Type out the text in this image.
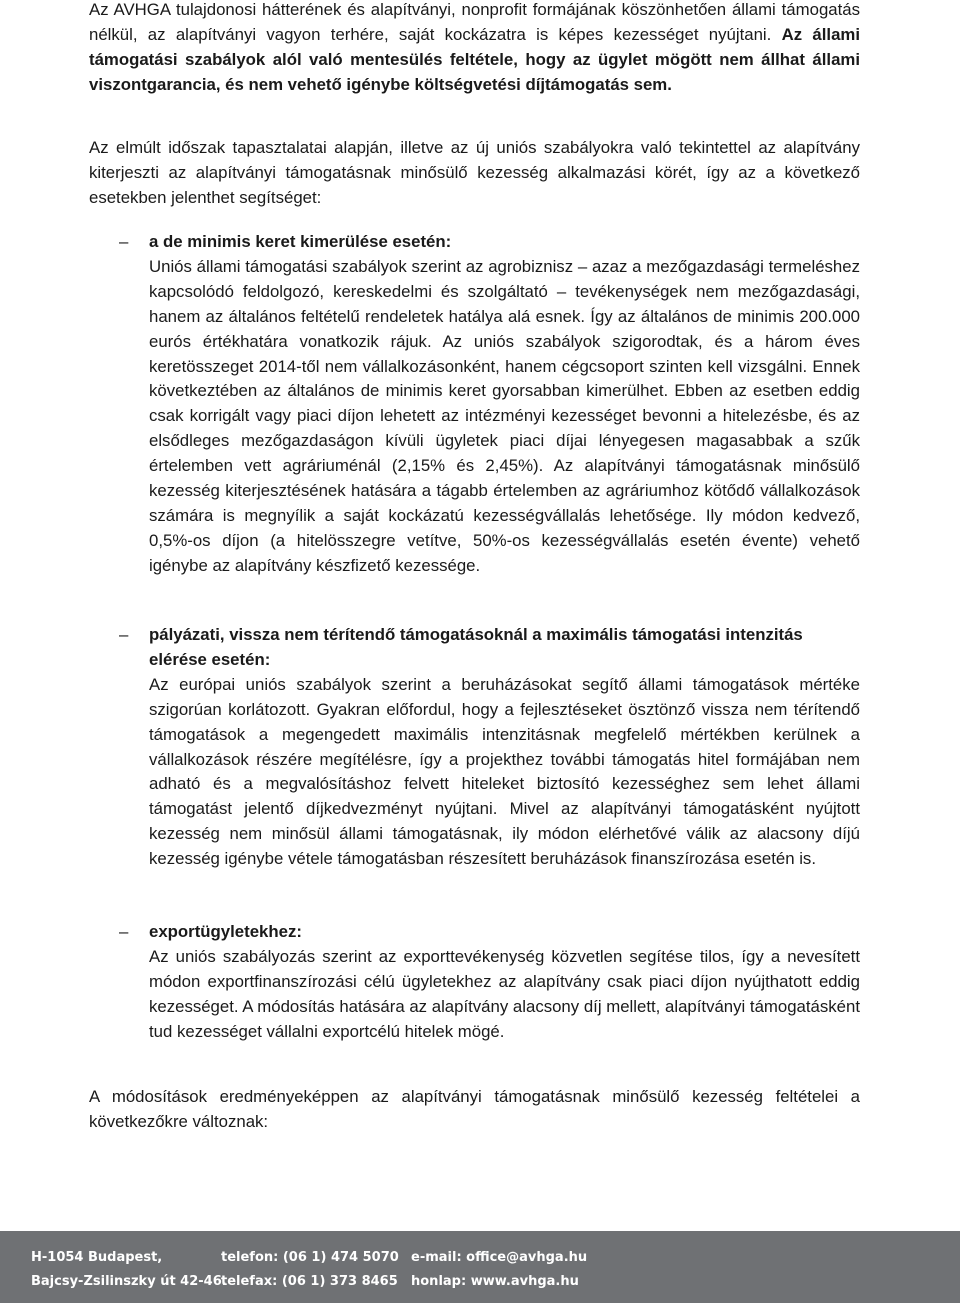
Az AVHGA tulajdonosi hátterének és alapítványi, nonprofit formájának köszönhetően állami támogatás nélkül, az alapítványi vagyon terhére, saját kockázatra is képes kezességet nyújtani. Az állami támogatási szabályok alól való mentesülés feltétele, hogy az ügylet mögött nem állhat állami viszontgarancia, és nem vehető igénybe költségvetési díjtámogatás sem.

Az elmúlt időszak tapasztalatai alapján, illetve az új uniós szabályokra való tekintettel az alapítvány kiterjeszti az alapítványi támogatásnak minősülő kezesség alkalmazási körét, így az a következő esetekben jelenthet segítséget:

– a de minimis keret kimerülése esetén:
Uniós állami támogatási szabályok szerint az agrobiznisz – azaz a mezőgazdasági termeléshez kapcsolódó feldolgozó, kereskedelmi és szolgáltató – tevékenységek nem mezőgazdasági, hanem az általános feltételű rendeletek hatálya alá esnek. Így az általános de minimis 200.000 eurós értékhatára vonatkozik rájuk. Az uniós szabályok szigorodtak, és a három éves keretösszeget 2014-től nem vállalkozásonként, hanem cégcsoport szinten kell vizsgálni. Ennek következtében az általános de minimis keret gyorsabban kimerülhet. Ebben az esetben eddig csak korrigált vagy piaci díjon lehetett az intézményi kezességet bevonni a hitelezésbe, és az elsődleges mezőgazdaságon kívüli ügyletek piaci díjai lényegesen magasabbak a szűk értelemben vett agráriuménál (2,15% és 2,45%). Az alapítványi támogatásnak minősülő kezesség kiterjesztésének hatására a tágabb értelemben az agráriumhoz kötődő vállalkozások számára is megnyílik a saját kockázatú kezességvállalás lehetősége. Ily módon kedvező, 0,5%-os díjon (a hitelösszegre vetítve, 50%-os kezességvállalás esetén évente) vehető igénybe az alapítvány készfizető kezessége.

– pályázati, vissza nem térítendő támogatásoknál a maximális támogatási intenzitás elérése esetén:
Az európai uniós szabályok szerint a beruházásokat segítő állami támogatások mértéke szigorúan korlátozott. Gyakran előfordul, hogy a fejlesztéseket ösztönző vissza nem térítendő támogatások a megengedett maximális intenzitásnak megfelelő mértékben kerülnek a vállalkozások részére megítélésre, így a projekthez további támogatás hitel formájában nem adható és a megvalósításhoz felvett hiteleket biztosító kezességhez sem lehet állami támogatást jelentő díjkedvezményt nyújtani. Mivel az alapítványi támogatásként nyújtott kezesség nem minősül állami támogatásnak, ily módon elérhetővé válik az alacsony díjú kezesség igénybe vétele támogatásban részesített beruházások finanszírozása esetén is.

– exportügyletekhez:
Az uniós szabályozás szerint az exporttevékenység közvetlen segítése tilos, így a nevesített módon exportfinanszírozási célú ügyletekhez az alapítvány csak piaci díjon nyújthatott eddig kezességet. A módosítás hatására az alapítvány alacsony díj mellett, alapítványi támogatásként tud kezességet vállalni exportcélú hitelek mögé.

A módosítások eredményeképpen az alapítványi támogatásnak minősülő kezesség feltételei a következőkre változnak:

H-1054 Budapest,
Bajcsy-Zsilinszky út 42-46.
telefon: (06 1) 474 5070
telefax: (06 1) 373 8465
e-mail: office@avhga.hu
honlap: www.avhga.hu
